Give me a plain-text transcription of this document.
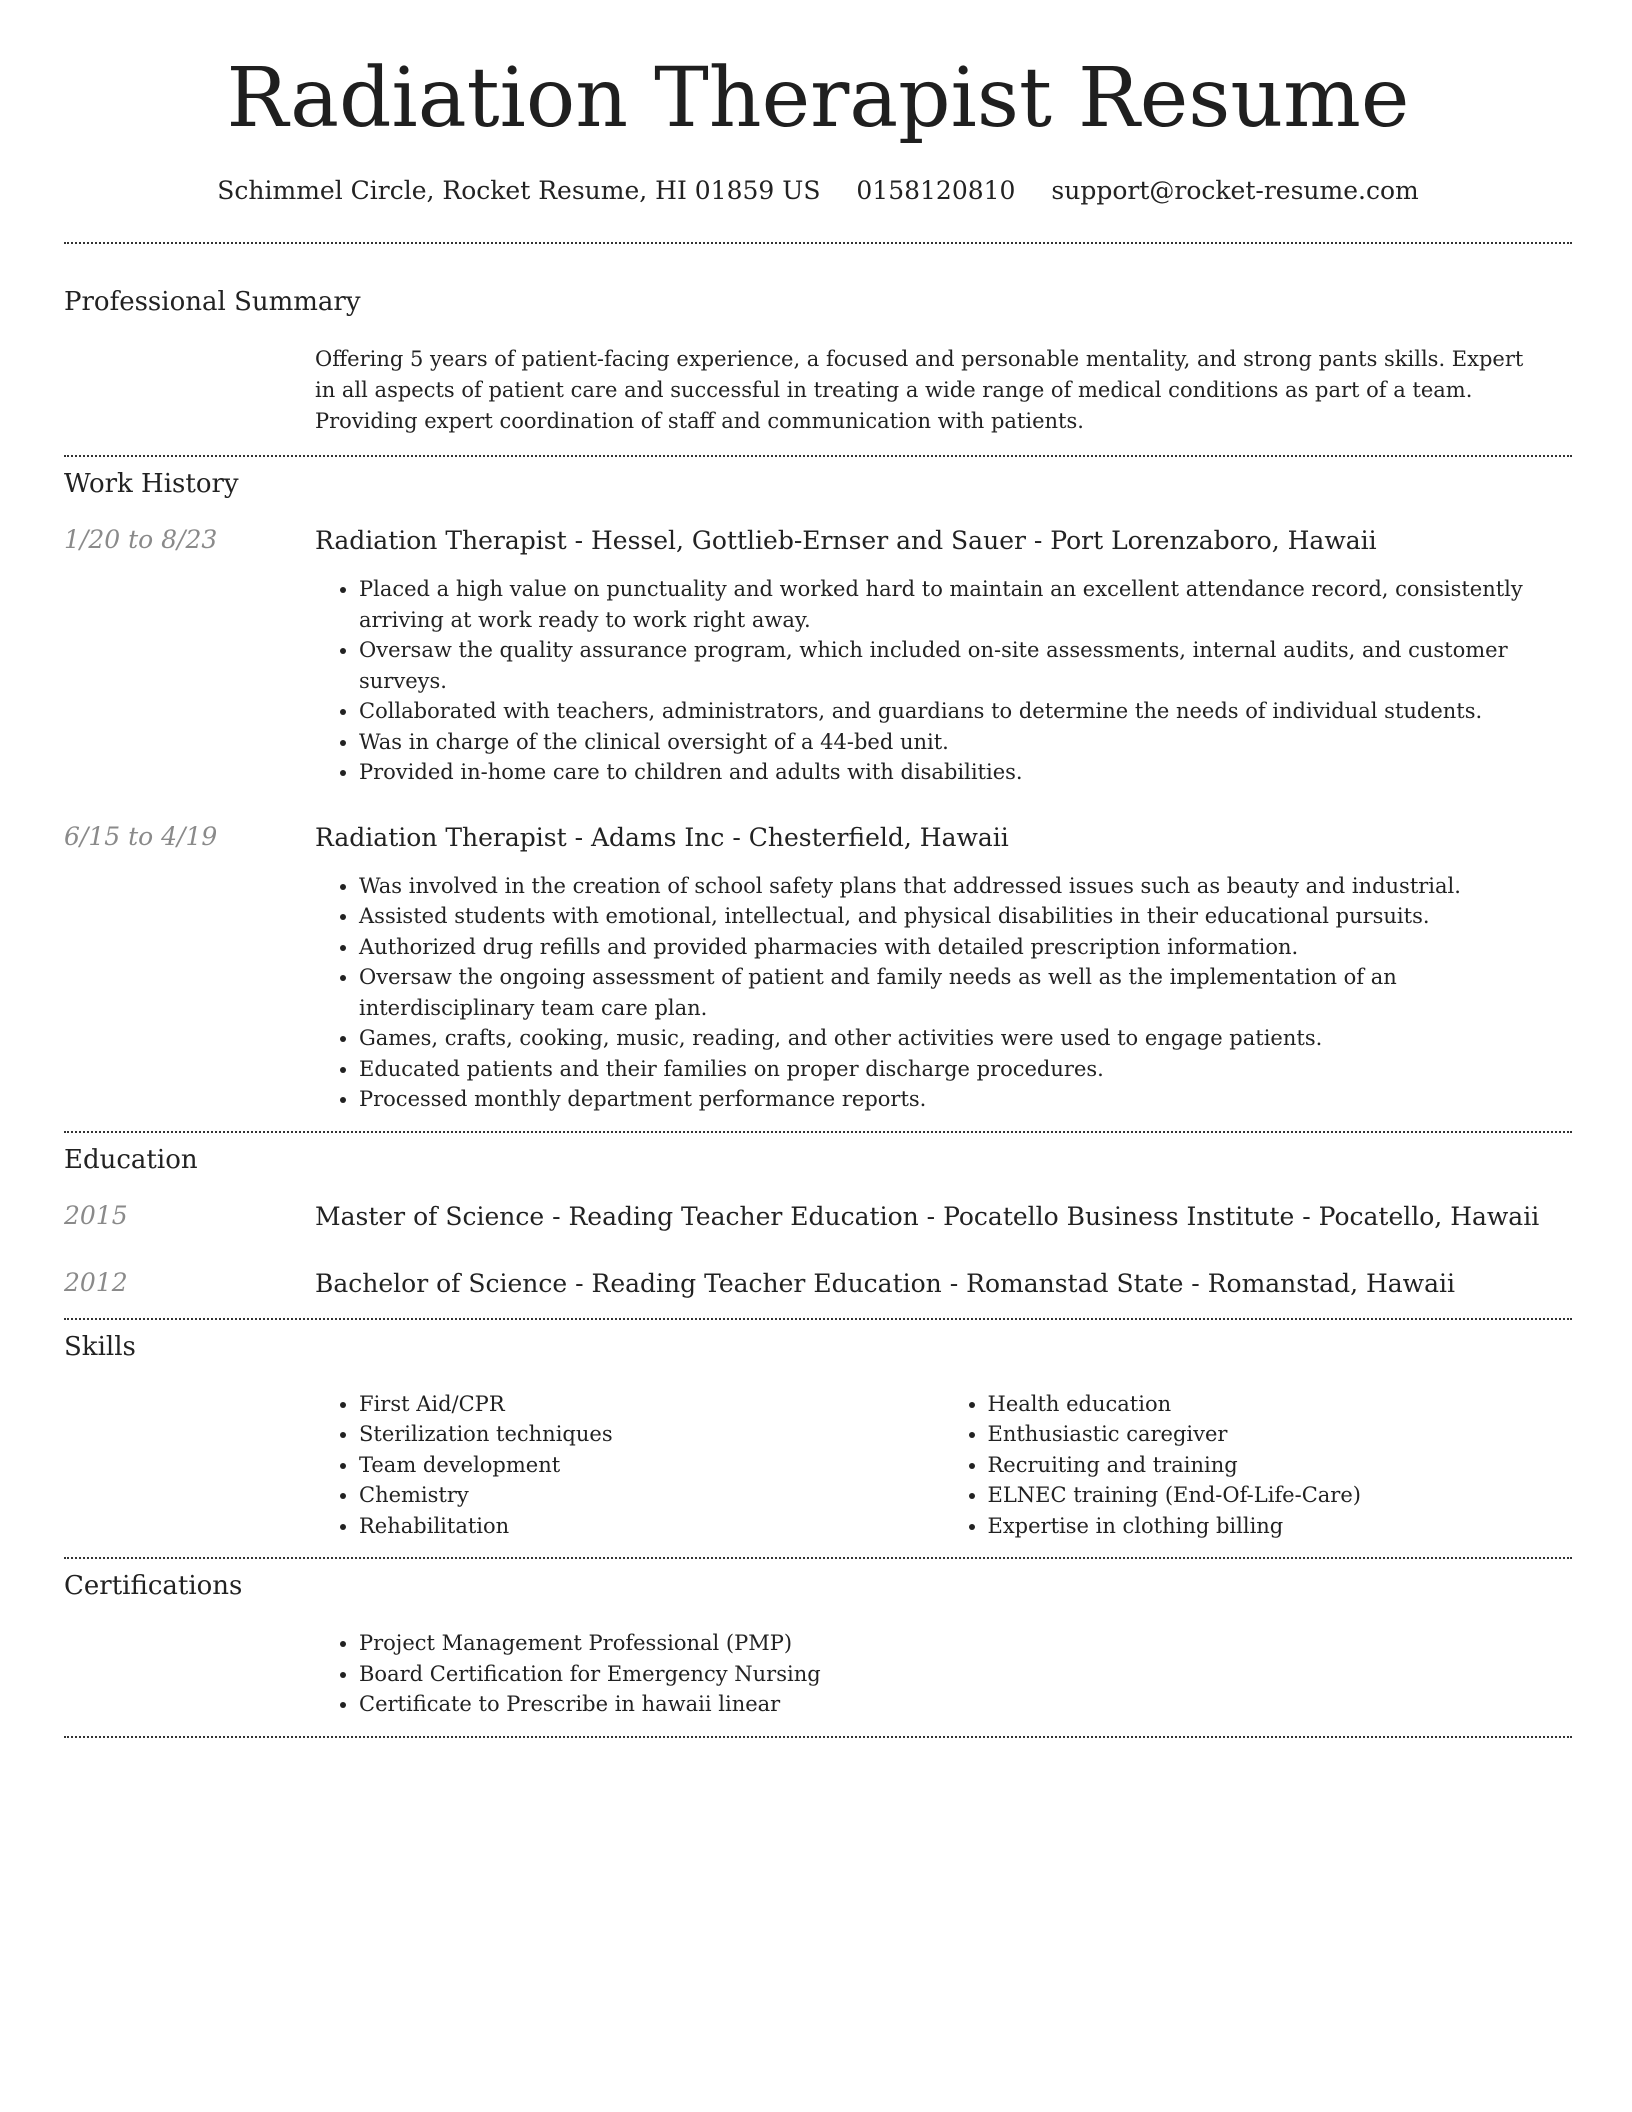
Radiation Therapist Resume
Schimmel Circle, Rocket Resume, HI 01859 US 0158120810 support@rocket-resume.com
Professional Summary
Offering 5 years of patient-facing experience, a focused and personable mentality, and strong pants skills. Expert in all aspects of patient care and successful in treating a wide range of medical conditions as part of a team. Providing expert coordination of staff and communication with patients.
Work History
1/20 to 8/23	Radiation Therapist - Hessel, Gottlieb-Ernser and Sauer - Port Lorenzaboro, Hawaii
• Placed a high value on punctuality and worked hard to maintain an excellent attendance record, consistently arriving at work ready to work right away.
• Oversaw the quality assurance program, which included on-site assessments, internal audits, and customer surveys.
• Collaborated with teachers, administrators, and guardians to determine the needs of individual students.
• Was in charge of the clinical oversight of a 44-bed unit.
• Provided in-home care to children and adults with disabilities.
6/15 to 4/19	Radiation Therapist - Adams Inc - Chesterfield, Hawaii
• Was involved in the creation of school safety plans that addressed issues such as beauty and industrial.
• Assisted students with emotional, intellectual, and physical disabilities in their educational pursuits.
• Authorized drug refills and provided pharmacies with detailed prescription information.
• Oversaw the ongoing assessment of patient and family needs as well as the implementation of an interdisciplinary team care plan.
• Games, crafts, cooking, music, reading, and other activities were used to engage patients.
• Educated patients and their families on proper discharge procedures.
• Processed monthly department performance reports.
Education
2015	Master of Science - Reading Teacher Education - Pocatello Business Institute - Pocatello, Hawaii
2012	Bachelor of Science - Reading Teacher Education - Romanstad State - Romanstad, Hawaii
Skills
• First Aid/CPR
• Sterilization techniques
• Team development
• Chemistry
• Rehabilitation
• Health education
• Enthusiastic caregiver
• Recruiting and training
• ELNEC training (End-Of-Life-Care)
• Expertise in clothing billing
Certifications
• Project Management Professional (PMP)
• Board Certification for Emergency Nursing
• Certificate to Prescribe in hawaii linear
